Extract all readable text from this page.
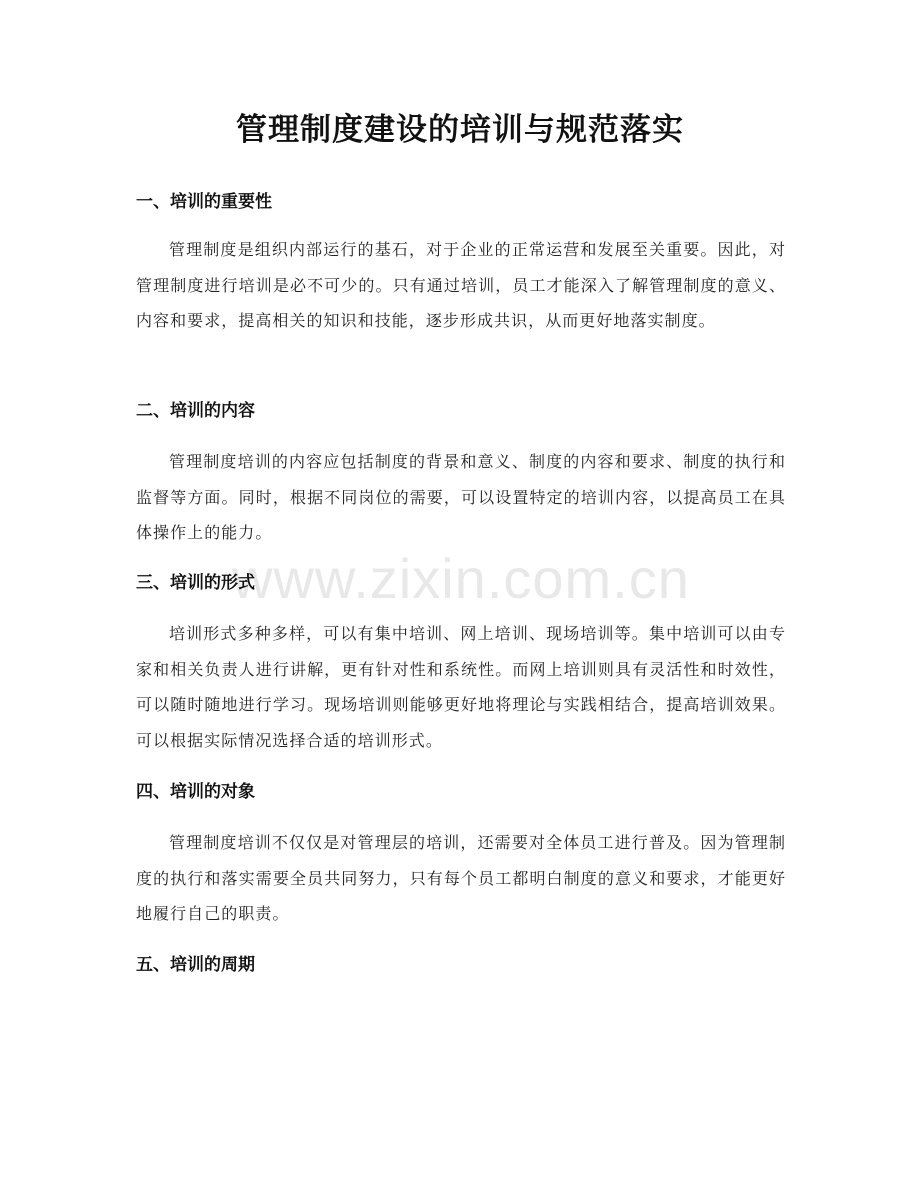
管理制度建设的培训与规范落实
www.zixin.com.cn
一、培训的重要性

管理制度是组织内部运行的基石，对于企业的正常运营和发展至关重要。因此，对管理制度进行培训是必不可少的。只有通过培训，员工才能深入了解管理制度的意义、内容和要求，提高相关的知识和技能，逐步形成共识，从而更好地落实制度。

二、培训的内容

管理制度培训的内容应包括制度的背景和意义、制度的内容和要求、制度的执行和监督等方面。同时，根据不同岗位的需要，可以设置特定的培训内容，以提高员工在具体操作上的能力。

三、培训的形式

培训形式多种多样，可以有集中培训、网上培训、现场培训等。集中培训可以由专家和相关负责人进行讲解，更有针对性和系统性。而网上培训则具有灵活性和时效性，可以随时随地进行学习。现场培训则能够更好地将理论与实践相结合，提高培训效果。可以根据实际情况选择合适的培训形式。

四、培训的对象

管理制度培训不仅仅是对管理层的培训，还需要对全体员工进行普及。因为管理制度的执行和落实需要全员共同努力，只有每个员工都明白制度的意义和要求，才能更好地履行自己的职责。

五、培训的周期
